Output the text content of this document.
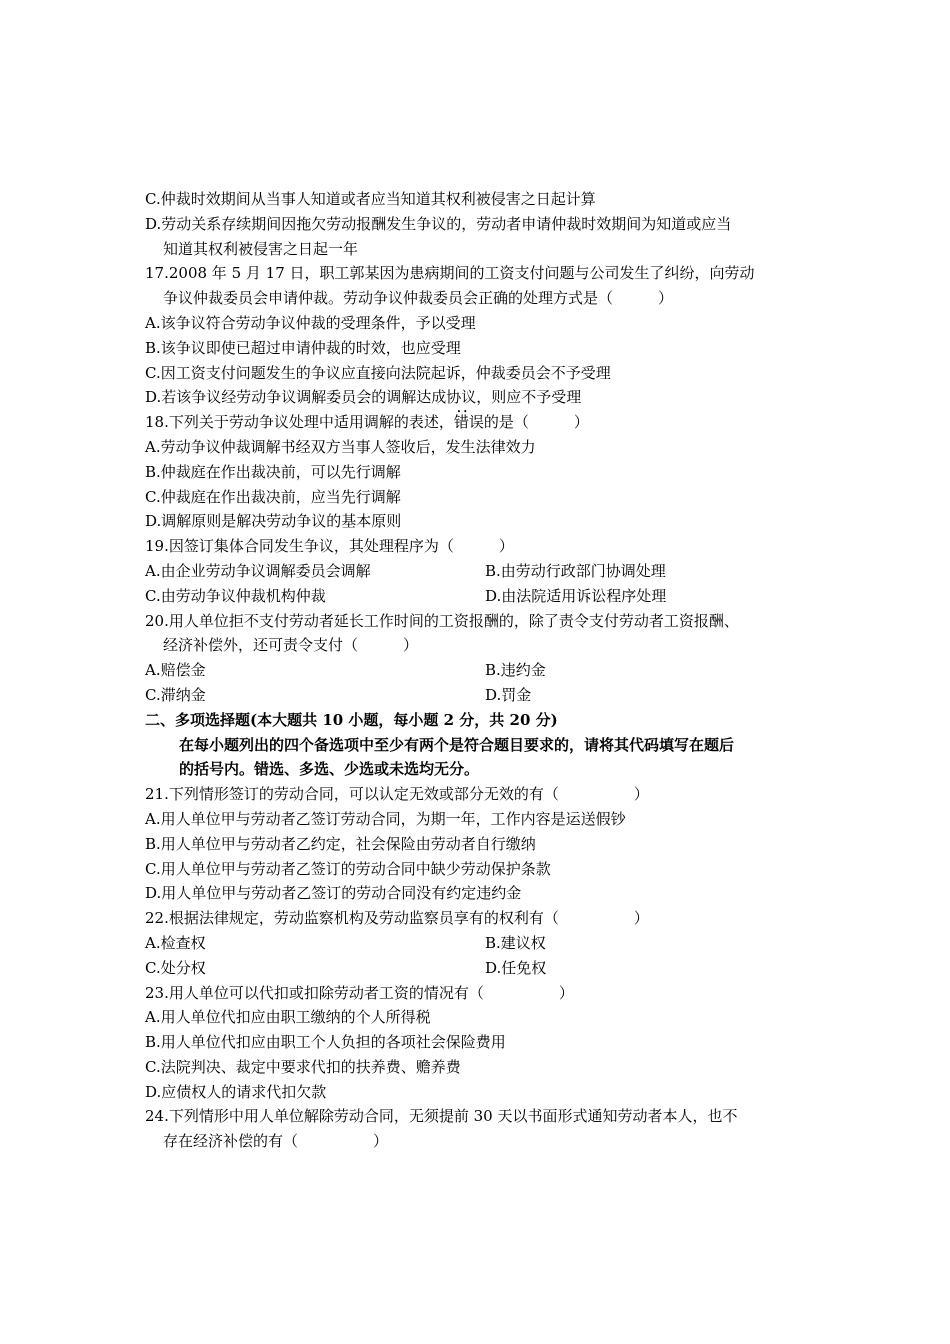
C.仲裁时效期间从当事人知道或者应当知道其权利被侵害之日起计算
D.劳动关系存续期间因拖欠劳动报酬发生争议的，劳动者申请仲裁时效期间为知道或应当
知道其权利被侵害之日起一年
17.2008 年 5 月 17 日，职工郭某因为患病期间的工资支付问题与公司发生了纠纷，向劳动
争议仲裁委员会申请仲裁。劳动争议仲裁委员会正确的处理方式是（　　　）
A.该争议符合劳动争议仲裁的受理条件，予以受理
B.该争议即使已超过申请仲裁的时效，也应受理
C.因工资支付问题发生的争议应直接向法院起诉，仲裁委员会不予受理
D.若该争议经劳动争议调解委员会的调解达成协议，则应不予受理
18.下列关于劳动争议处理中适用调解的表述，• • 错误的是（　　　）
A.劳动争议仲裁调解书经双方当事人签收后，发生法律效力
B.仲裁庭在作出裁决前，可以先行调解
C.仲裁庭在作出裁决前，应当先行调解
D.调解原则是解决劳动争议的基本原则
19.因签订集体合同发生争议，其处理程序为（　　　）
A.由企业劳动争议调解委员会调解	B.由劳动行政部门协调处理
C.由劳动争议仲裁机构仲裁	D.由法院适用诉讼程序处理
20.用人单位拒不支付劳动者延长工作时间的工资报酬的，除了责令支付劳动者工资报酬、
经济补偿外，还可责令支付（　　　）
A.赔偿金	B.违约金
C.滞纳金	D.罚金
二、多项选择题(本大题共 10 小题，每小题 2 分，共 20 分)
在每小题列出的四个备选项中至少有两个是符合题目要求的，请将其代码填写在题后
的括号内。错选、多选、少选或未选均无分。
21.下列情形签订的劳动合同，可以认定无效或部分无效的有（　　　　　）
A.用人单位甲与劳动者乙签订劳动合同，为期一年，工作内容是运送假钞
B.用人单位甲与劳动者乙约定，社会保险由劳动者自行缴纳
C.用人单位甲与劳动者乙签订的劳动合同中缺少劳动保护条款
D.用人单位甲与劳动者乙签订的劳动合同没有约定违约金
22.根据法律规定，劳动监察机构及劳动监察员享有的权利有（　　　　　）
A.检查权	B.建议权
C.处分权	D.任免权
23.用人单位可以代扣或扣除劳动者工资的情况有（　　　　　）
A.用人单位代扣应由职工缴纳的个人所得税
B.用人单位代扣应由职工个人负担的各项社会保险费用
C.法院判决、裁定中要求代扣的扶养费、赡养费
D.应债权人的请求代扣欠款
24.下列情形中用人单位解除劳动合同，无须提前 30 天以书面形式通知劳动者本人，也不
存在经济补偿的有（　　　　　）
